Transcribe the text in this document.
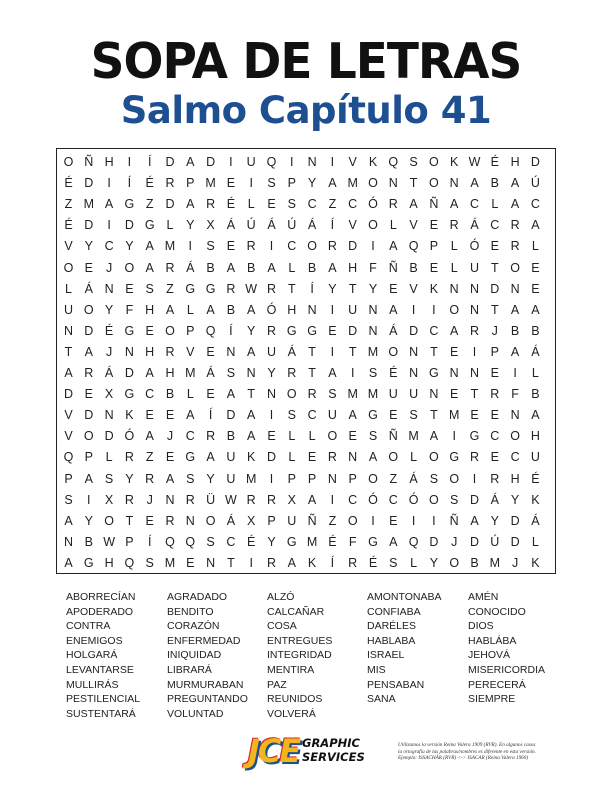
SOPA DE LETRAS
Salmo Capítulo 41
O Ñ H	I	Í	D A D	I	U Q	I	N	I	V K Q S O K W É H D
É D	I	Í	É R P M E	I	S P Y A M O N T O N A B A Ú
Z M A G Z D A R É	L	E S C Z C Ó R A Ñ A C L	A C
É D	I	D G L	Y X Á Ú Á Ú Á	Í	V O L	V E R Á C R A
V Y C Y A M	I	S E R	I	C O R D	I	A Q P	L Ó E R L
O E	J O A R Á B A B A	L	B A H F Ñ B E	L U T O E
L	Á N E S Z G G R W R T	Í	Y T Y E V K N N D N E
U O Y F H A	L	A B A Ó H N	I	U N A	I	I	O N T A A
N D É G E O P Q	Í	Y R G G E D N Á D C A R	J	B B
T A	J	N H R V E N A U Á T	I	T M O N T E	I	P A Á
A R Á D A H M Á S N Y R T A	I	S É N G N N E	I	L
D E X G C B	L	E A T N O R S M M U U N E T R F B
V D N K E E A	Í	D A	I	S C U A G E S T M E E N A
V O D Ó A	J	C R B A E	L	L O E S Ñ M A	I	G C O H
Q P	L R Z E G A U K D L	E R N A O L O G R E C U
P A S Y R A S Y U M	I	P P N P O Z Á S O	I	R H É
S	I	X R	J	N R Ü W R R X A	I	C Ó C Ó O S D Á Y K
A Y O T E R N O Á X P U Ñ Z O	I	E	I	I	Ñ A Y D Á
N B W P	Í	Q Q S C É Y G M É F G A Q D	J	D Ú D L
A G H Q S M E N T	I	R A K	Í	R É S	L	Y O B M J	K
ABORRECÍAN
APODERADO
CONTRA
ENEMIGOS
HOLGARÁ
LEVANTARSE
MULLIRÁS
PESTILENCIAL
SUSTENTARÁ
AGRADADO
BENDITO
CORAZÓN
ENFERMEDAD
INIQUIDAD
LIBRARÁ
MURMURABAN
PREGUNTANDO
VOLUNTAD
ALZÓ
CALCAÑAR
COSA
ENTREGUES
INTEGRIDAD
MENTIRA
PAZ
REUNIDOS
VOLVERÁ
AMONTONABA
CONFIABA
DARÉLES
HABLABA
ISRAEL
MIS
PENSABAN
SANA
AMÉN
CONOCIDO
DIOS
HABLÁBA
JEHOVÁ
MISERICORDIA
PERECERÁ
SIEMPRE
JCE GRAPHIC
SERVICES
Utilizamos la versión Reina Valera 1909 (RVR). En algunos casos
la ortografía de las palabras/nombres es diferente en esta versión.
Ejemplo: ISSACHĀR (RVR) <-> ISACAR (Reina Valera 1960)
